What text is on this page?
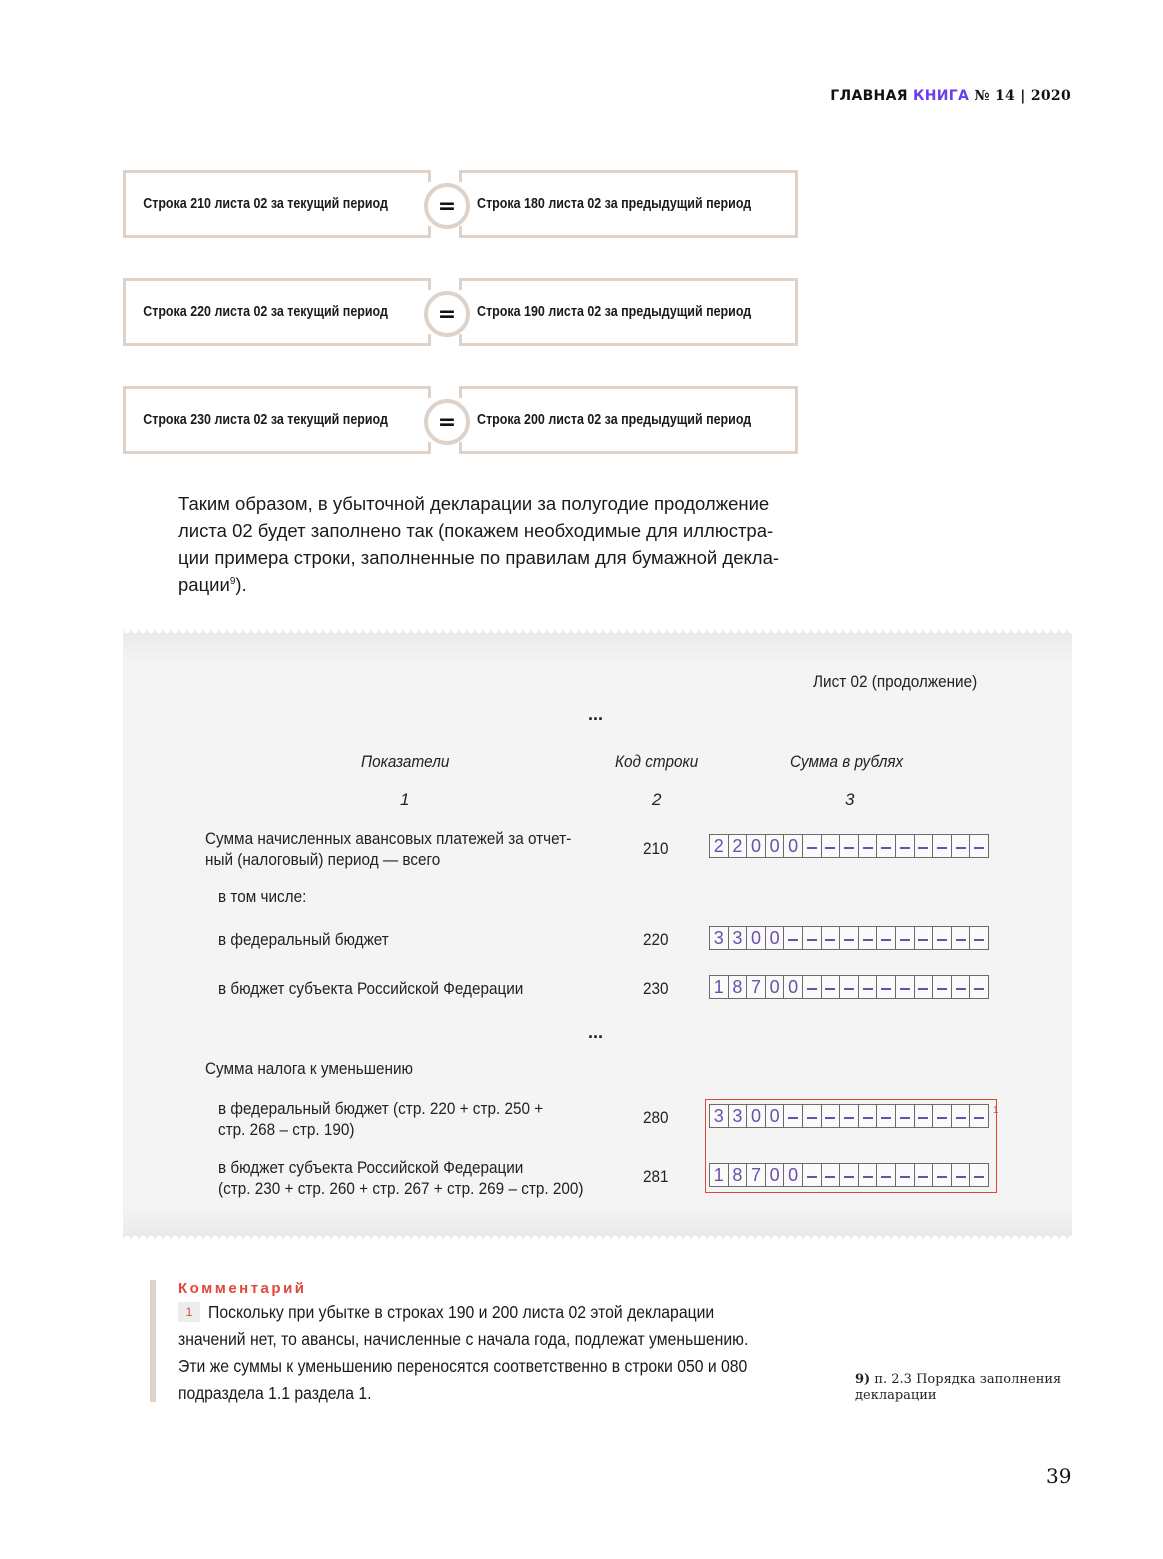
ГЛАВНАЯ КНИГА № 14 | 2020
Строка 210 листа 02 за текущий период	Строка 180 листа 02 за предыдущий период
=
Строка 220 листа 02 за текущий период	Строка 190 листа 02 за предыдущий период
=
Строка 230 листа 02 за текущий период	Строка 200 листа 02 за предыдущий период
=
Таким образом, в убыточной декларации за полугодие продолжение
листа 02 будет заполнено так (покажем необходимые для иллюстра-
ции примера строки, заполненные по правилам для бумажной декла-
рации$^9$).
Лист 02 (продолжение)
...
Показатели	Код строки	Сумма в рублях
1	2	3
Сумма начисленных авансовых платежей за отчет-
ный (налоговый) период — всего
210	2 2 0 0 0
в том числе:
в федеральный бюджет	220	3 3 0 0
в бюджет субъекта Российской Федерации	230	1 8 7 0 0
...
Сумма налога к уменьшению
в федеральный бюджет (стр. 220 + стр. 250 +
стр. 268 – стр. 190)
280	3 3 0 0
в бюджет субъекта Российской Федерации
(стр. 230 + стр. 260 + стр. 267 + стр. 269 – стр. 200)
281	1 8 7 0 0
1
Комментарий
1 Поскольку при убытке в строках 190 и 200 листа 02 этой декларации
значений нет, то авансы, начисленные с начала года, подлежат уменьшению.
Эти же суммы к уменьшению переносятся соответственно в строки 050 и 080
подраздела 1.1 раздела 1.
9) п. 2.3 Порядка заполнения декларации
39
